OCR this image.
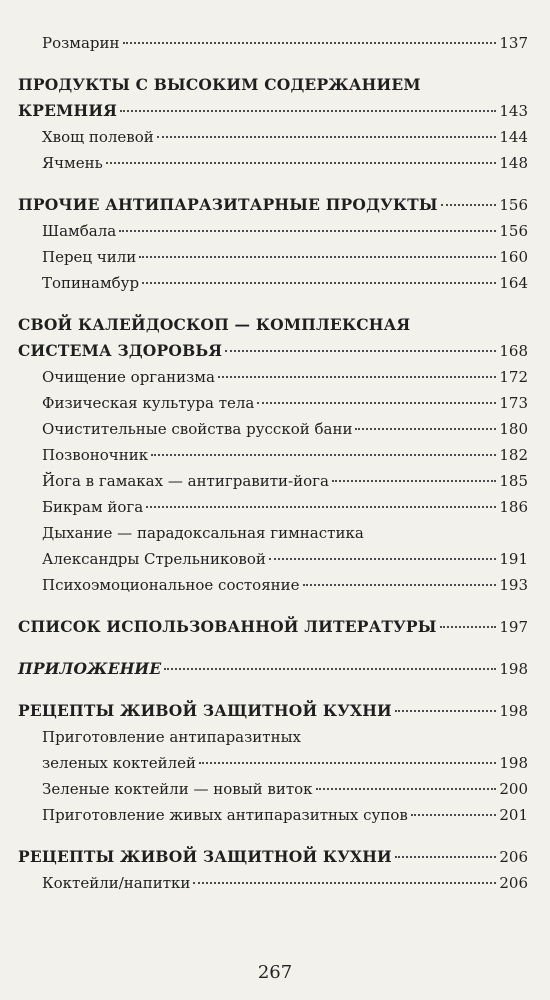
Розмарин	137
ПРОДУКТЫ С ВЫСОКИМ СОДЕРЖАНИЕМ
КРЕМНИЯ	143
Хвощ полевой	144
Ячмень	148
ПРОЧИЕ АНТИПАРАЗИТАРНЫЕ ПРОДУКТЫ	156
Шамбала	156
Перец чили	160
Топинамбур	164
СВОЙ КАЛЕЙДОСКОП — КОМПЛЕКСНАЯ
СИСТЕМА ЗДОРОВЬЯ	168
Очищение организма	172
Физическая культура тела	173
Очистительные свойства русской бани	180
Позвоночник	182
Йога в гамаках — антигравити-йога	185
Бикрам йога	186
Дыхание — парадоксальная гимнастика
Александры Стрельниковой	191
Психоэмоциональное состояние	193
СПИСОК ИСПОЛЬЗОВАННОЙ ЛИТЕРАТУРЫ	197
ПРИЛОЖЕНИЕ	198
РЕЦЕПТЫ ЖИВОЙ ЗАЩИТНОЙ КУХНИ	198
Приготовление антипаразитных
зеленых коктейлей	198
Зеленые коктейли — новый виток	200
Приготовление живых антипаразитных супов	201
РЕЦЕПТЫ ЖИВОЙ ЗАЩИТНОЙ КУХНИ	206
Коктейли/напитки	206
267
